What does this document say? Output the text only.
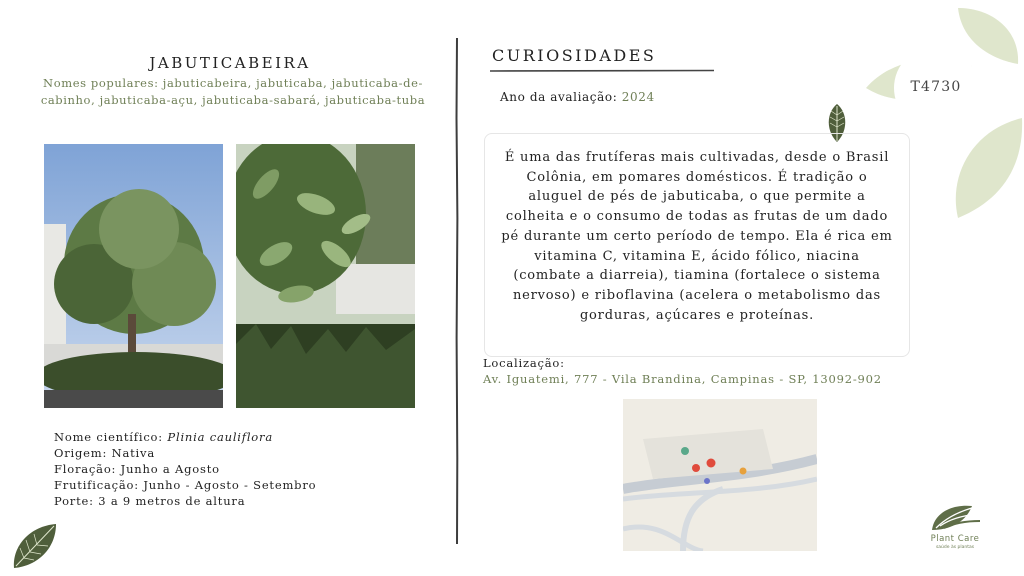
T4730
JABUTICABEIRA
Nomes populares: jabuticabeira, jabuticaba, jabuticaba-de-cabinho, jabuticaba-açu, jabuticaba-sabará, jabuticaba-tuba
Nome científico: Plinia cauliflora
Origem: Nativa
Floração: Junho a Agosto
Frutificação: Junho - Agosto - Setembro
Porte: 3 a 9 metros de altura
CURIOSIDADES
Ano da avaliação: 2024

É uma das frutíferas mais cultivadas, desde o Brasil Colônia, em pomares domésticos. É tradição o aluguel de pés de jabuticaba, o que permite a colheita e o consumo de todas as frutas de um dado pé durante um certo período de tempo. Ela é rica em vitamina C, vitamina E, ácido fólico, niacina (combate a diarreia), tiamina (fortalece o sistema nervoso) e riboflavina (acelera o metabolismo das gorduras, açúcares e proteínas.

Localização:
Av. Iguatemi, 777 - Vila Brandina, Campinas - SP, 13092-902
Plant Care
saúde às plantas
